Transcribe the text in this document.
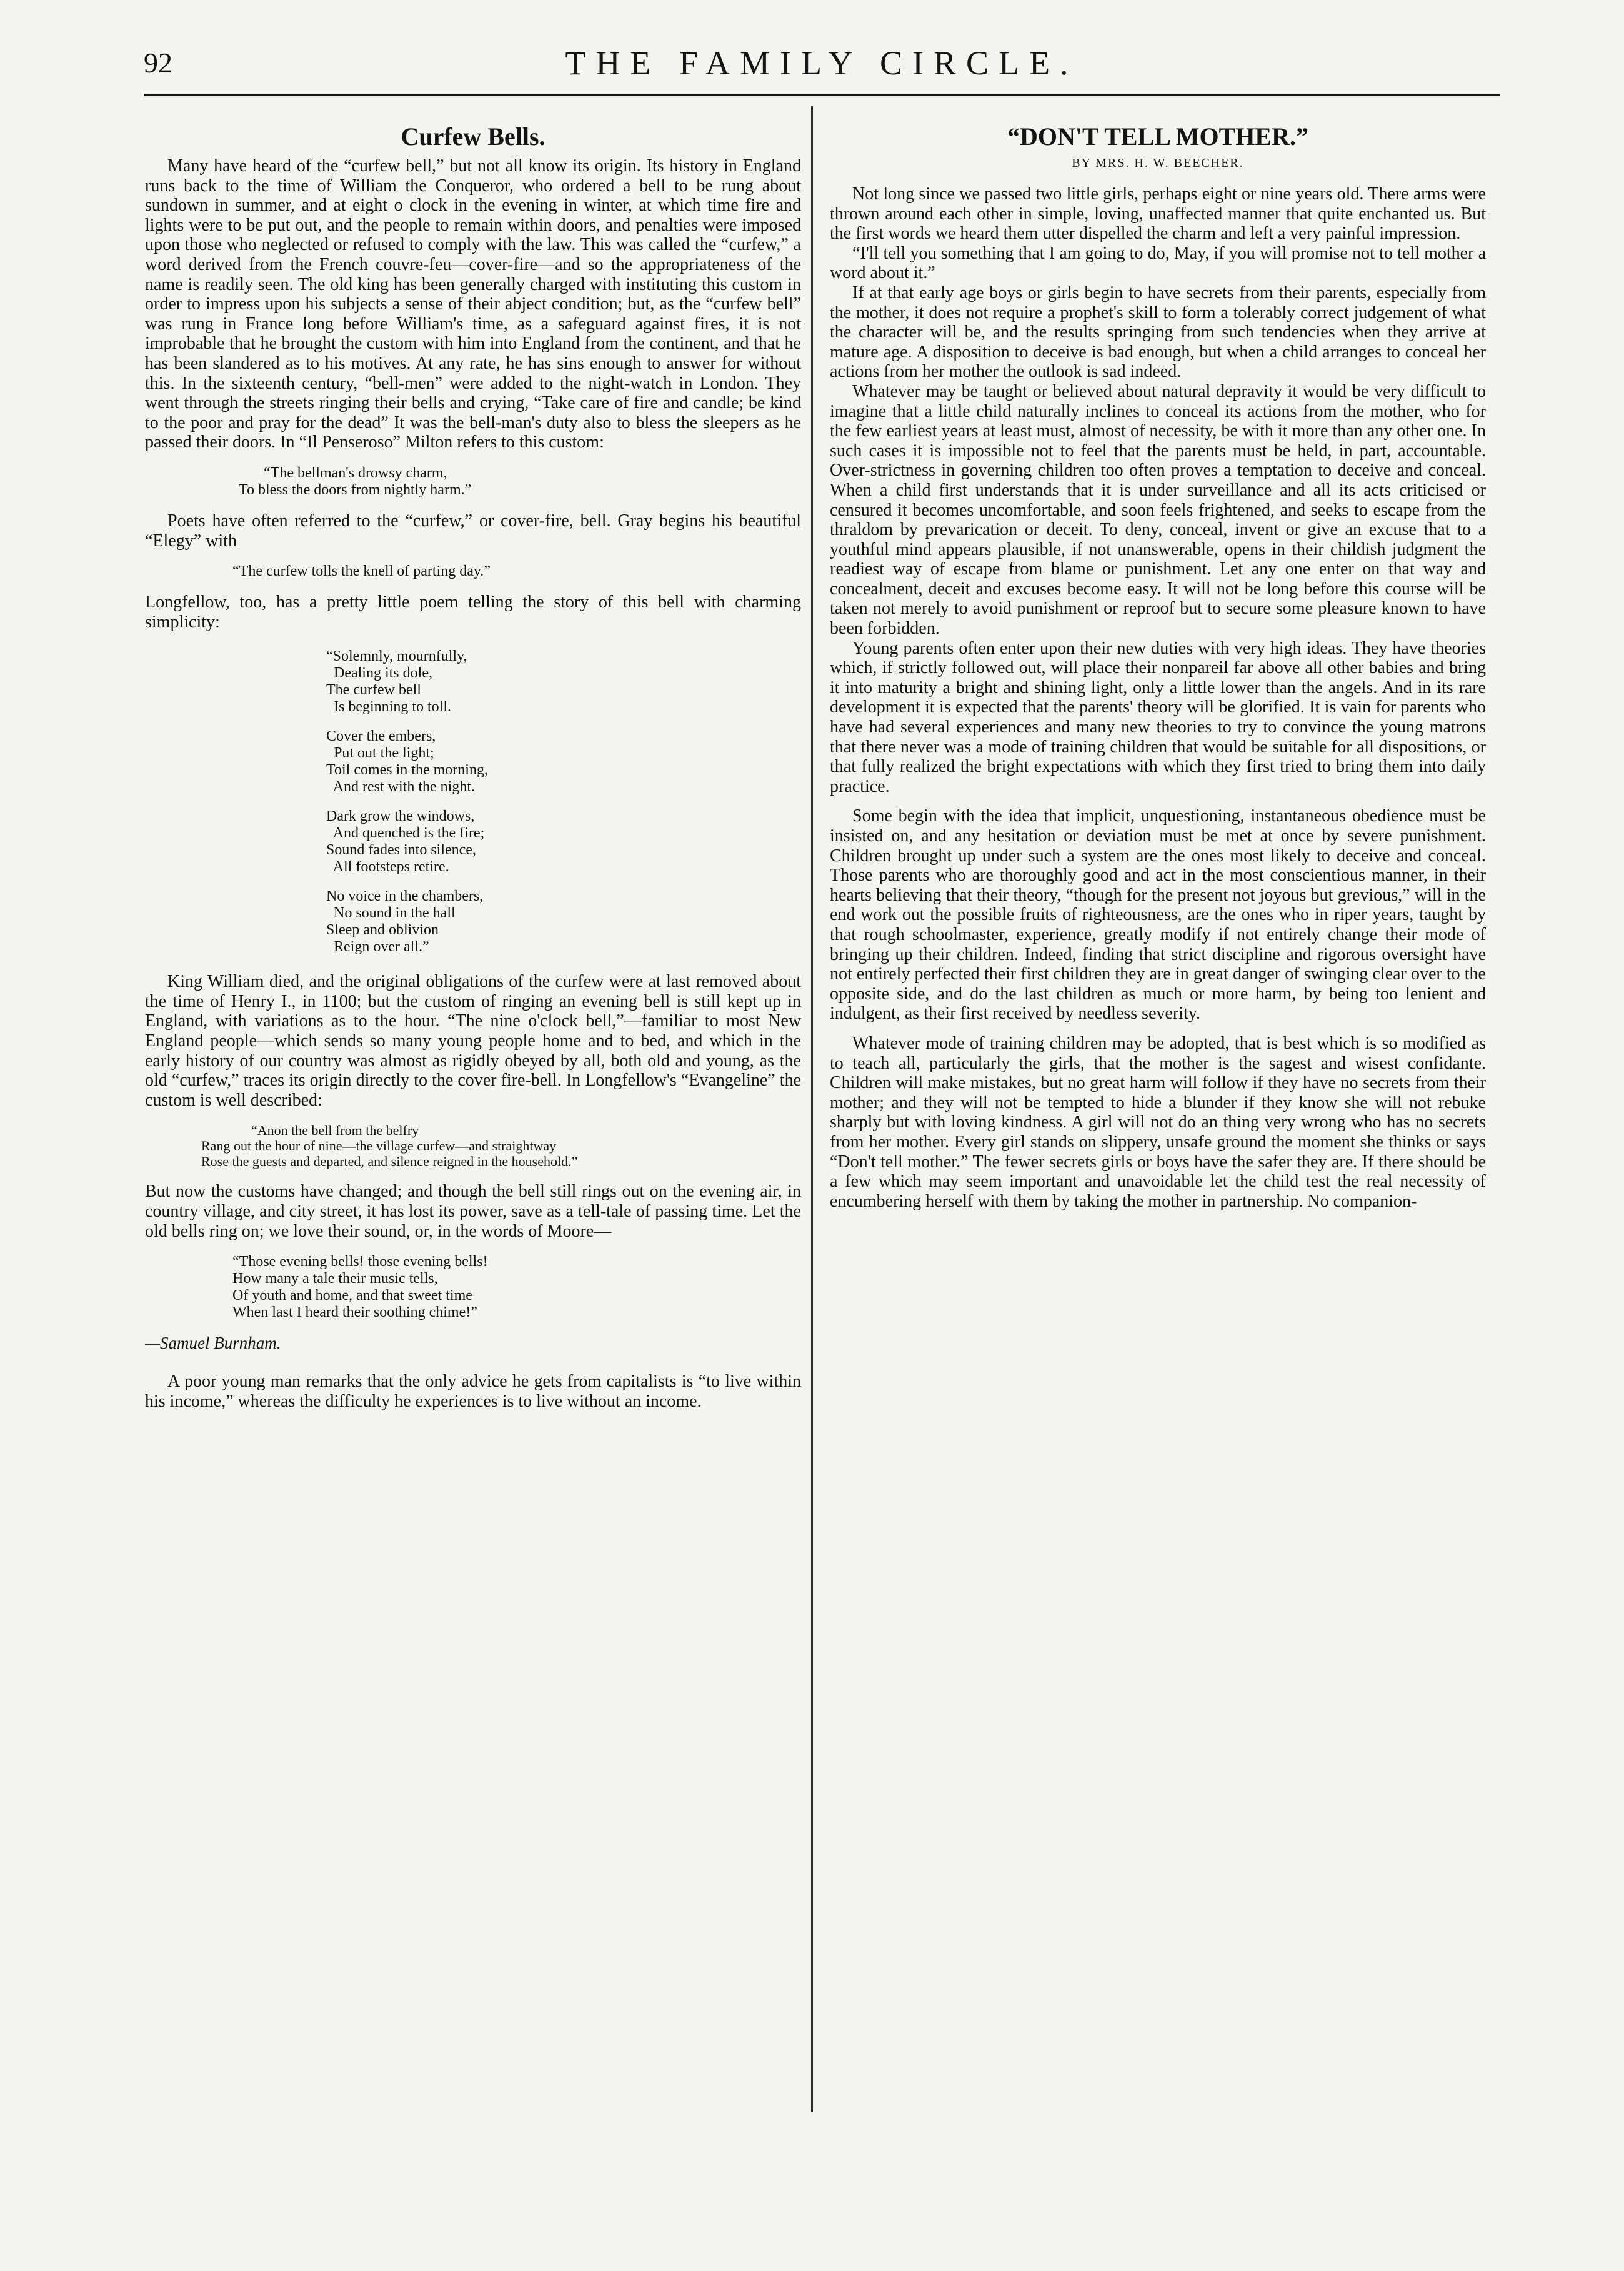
92	THE FAMILY CIRCLE.
Curfew Bells.

Many have heard of the “curfew bell,” but not all know its origin. Its history in England runs back to the time of William the Conqueror, who ordered a bell to be rung about sundown in summer, and at eight o clock in the evening in winter, at which time fire and lights were to be put out, and the people to remain within doors, and penalties were imposed upon those who neglected or refused to comply with the law. This was called the “curfew,” a word derived from the French couvre-feu—cover-fire—and so the appropriateness of the name is readily seen. The old king has been generally charged with instituting this custom in order to impress upon his subjects a sense of their abject condition; but, as the “curfew bell” was rung in France long before William's time, as a safeguard against fires, it is not improbable that he brought the custom with him into England from the continent, and that he has been slandered as to his motives. At any rate, he has sins enough to answer for without this. In the sixteenth century, “bell-men” were added to the night-watch in London. They went through the streets ringing their bells and crying, “Take care of fire and candle; be kind to the poor and pray for the dead” It was the bell-man's duty also to bless the sleepers as he passed their doors. In “Il Penseroso” Milton refers to this custom:

“The bellman's drowsy charm,
To bless the doors from nightly harm.”

Poets have often referred to the “curfew,” or cover-fire, bell. Gray begins his beautiful “Elegy” with

“The curfew tolls the knell of parting day.”

Longfellow, too, has a pretty little poem telling the story of this bell with charming simplicity:

“Solemnly, mournfully,
Dealing its dole,
The curfew bell
Is beginning to toll.
Cover the embers,
Put out the light;
Toil comes in the morning,
And rest with the night.
Dark grow the windows,
And quenched is the fire;
Sound fades into silence,
All footsteps retire.
No voice in the chambers,
No sound in the hall
Sleep and oblivion
Reign over all.”

King William died, and the original obligations of the curfew were at last removed about the time of Henry I., in 1100; but the custom of ringing an evening bell is still kept up in England, with variations as to the hour. “The nine o'clock bell,”—familiar to most New England people—which sends so many young people home and to bed, and which in the early history of our country was almost as rigidly obeyed by all, both old and young, as the old “curfew,” traces its origin directly to the cover fire-bell. In Longfellow's “Evangeline” the custom is well described:

“Anon the bell from the belfry
Rang out the hour of nine—the village curfew—and straightway
Rose the guests and departed, and silence reigned in the household.”

But now the customs have changed; and though the bell still rings out on the evening air, in country village, and city street, it has lost its power, save as a tell-tale of passing time. Let the old bells ring on; we love their sound, or, in the words of Moore—

“Those evening bells! those evening bells!
How many a tale their music tells,
Of youth and home, and that sweet time
When last I heard their soothing chime!”
—Samuel Burnham.

A poor young man remarks that the only advice he gets from capitalists is “to live within his income,” whereas the difficulty he experiences is to live without an income.

“DON'T TELL MOTHER.”
BY MRS. H. W. BEECHER.

Not long since we passed two little girls, perhaps eight or nine years old. There arms were thrown around each other in simple, loving, unaffected manner that quite enchanted us. But the first words we heard them utter dispelled the charm and left a very painful impression.

“I'll tell you something that I am going to do, May, if you will promise not to tell mother a word about it.”

If at that early age boys or girls begin to have secrets from their parents, especially from the mother, it does not require a prophet's skill to form a tolerably correct judgement of what the character will be, and the results springing from such tendencies when they arrive at mature age. A disposition to deceive is bad enough, but when a child arranges to conceal her actions from her mother the outlook is sad indeed.

Whatever may be taught or believed about natural depravity it would be very difficult to imagine that a little child naturally inclines to conceal its actions from the mother, who for the few earliest years at least must, almost of necessity, be with it more than any other one. In such cases it is impossible not to feel that the parents must be held, in part, accountable. Over-strictness in governing children too often proves a temptation to deceive and conceal. When a child first understands that it is under surveillance and all its acts criticised or censured it becomes uncomfortable, and soon feels frightened, and seeks to escape from the thraldom by prevarication or deceit. To deny, conceal, invent or give an excuse that to a youthful mind appears plausible, if not unanswerable, opens in their childish judgment the readiest way of escape from blame or punishment. Let any one enter on that way and concealment, deceit and excuses become easy. It will not be long before this course will be taken not merely to avoid punishment or reproof but to secure some pleasure known to have been forbidden.

Young parents often enter upon their new duties with very high ideas. They have theories which, if strictly followed out, will place their nonpareil far above all other babies and bring it into maturity a bright and shining light, only a little lower than the angels. And in its rare development it is expected that the parents' theory will be glorified. It is vain for parents who have had several experiences and many new theories to try to convince the young matrons that there never was a mode of training children that would be suitable for all dispositions, or that fully realized the bright expectations with which they first tried to bring them into daily practice.

Some begin with the idea that implicit, unquestioning, instantaneous obedience must be insisted on, and any hesitation or deviation must be met at once by severe punishment. Children brought up under such a system are the ones most likely to deceive and conceal. Those parents who are thoroughly good and act in the most conscientious manner, in their hearts believing that their theory, “though for the present not joyous but grevious,” will in the end work out the possible fruits of righteousness, are the ones who in riper years, taught by that rough schoolmaster, experience, greatly modify if not entirely change their mode of bringing up their children. Indeed, finding that strict discipline and rigorous oversight have not entirely perfected their first children they are in great danger of swinging clear over to the opposite side, and do the last children as much or more harm, by being too lenient and indulgent, as their first received by needless severity.

Whatever mode of training children may be adopted, that is best which is so modified as to teach all, particularly the girls, that the mother is the sagest and wisest confidante. Children will make mistakes, but no great harm will follow if they have no secrets from their mother; and they will not be tempted to hide a blunder if they know she will not rebuke sharply but with loving kindness. A girl will not do an thing very wrong who has no secrets from her mother. Every girl stands on slippery, unsafe ground the moment she thinks or says “Don't tell mother.” The fewer secrets girls or boys have the safer they are. If there should be a few which may seem important and unavoidable let the child test the real necessity of encumbering herself with them by taking the mother in partnership. No companion-
